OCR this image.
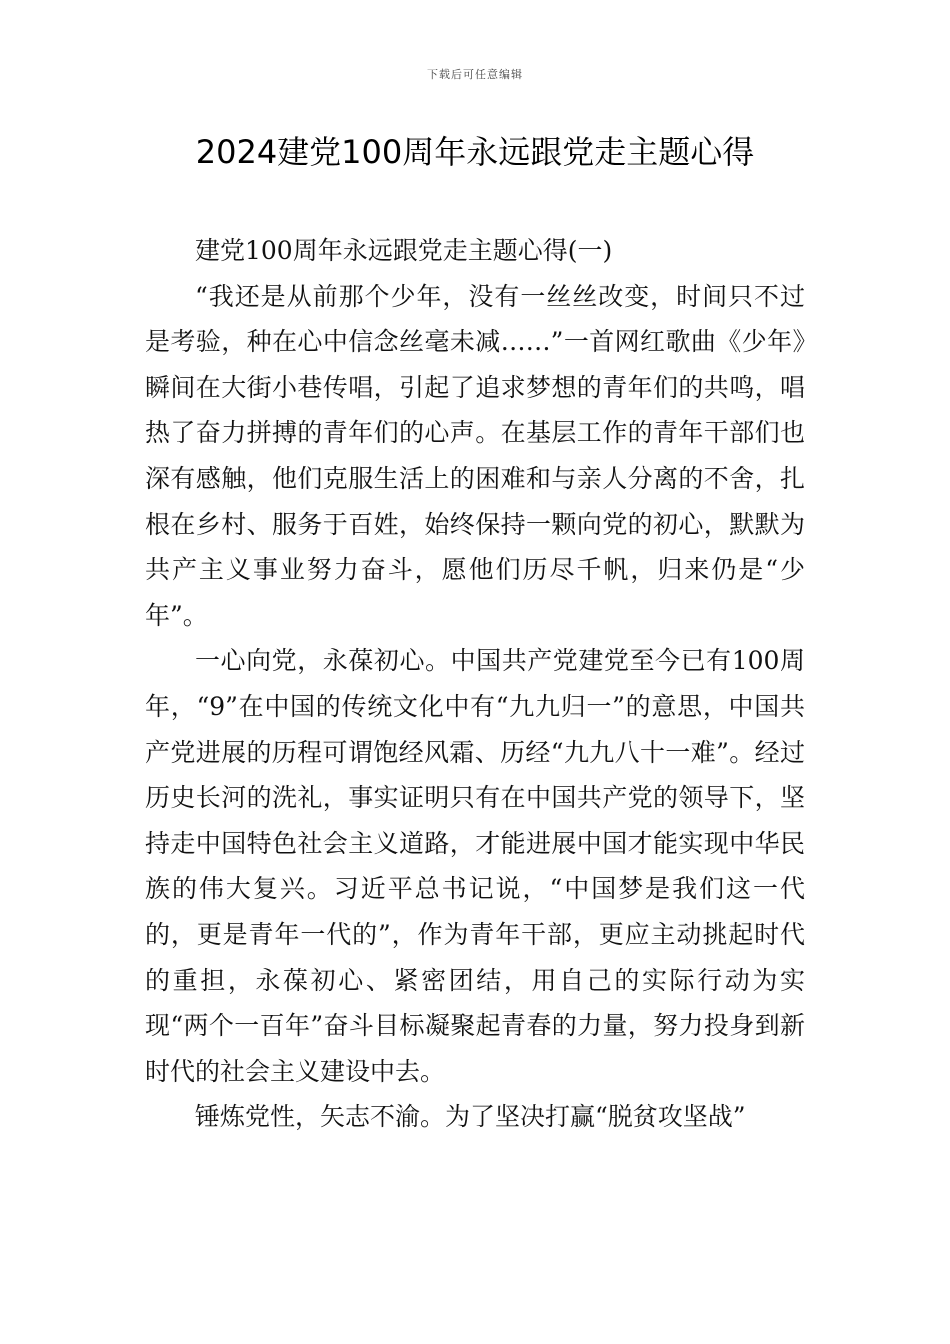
下载后可任意编辑
2024建党100周年永远跟党走主题心得

建党100周年永远跟党走主题心得(一)

“我还是从前那个少年，没有一丝丝改变，时间只不过是考验，种在心中信念丝毫未减……”一首网红歌曲《少年》瞬间在大街小巷传唱，引起了追求梦想的青年们的共鸣，唱热了奋力拼搏的青年们的心声。在基层工作的青年干部们也深有感触，他们克服生活上的困难和与亲人分离的不舍，扎根在乡村、服务于百姓，始终保持一颗向党的初心，默默为共产主义事业努力奋斗，愿他们历尽千帆，归来仍是“少年”。

一心向党，永葆初心。中国共产党建党至今已有100周年，“9”在中国的传统文化中有“九九归一”的意思，中国共产党进展的历程可谓饱经风霜、历经“九九八十一难”。经过历史长河的洗礼，事实证明只有在中国共产党的领导下，坚持走中国特色社会主义道路，才能进展中国才能实现中华民族的伟大复兴。习近平总书记说，“中国梦是我们这一代的，更是青年一代的”，作为青年干部，更应主动挑起时代的重担，永葆初心、紧密团结，用自己的实际行动为实现“两个一百年”奋斗目标凝聚起青春的力量，努力投身到新时代的社会主义建设中去。

锤炼党性，矢志不渝。为了坚决打赢“脱贫攻坚战”
